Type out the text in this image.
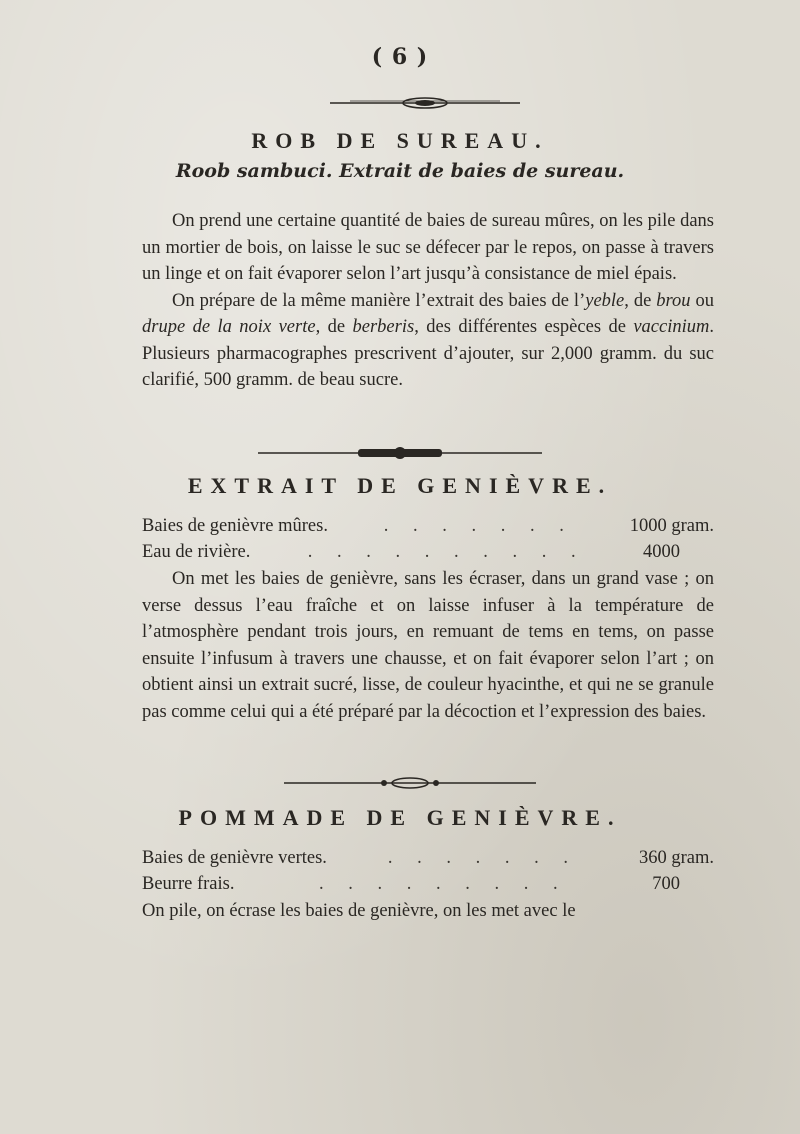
( 6 )
ROB DE SUREAU.
Roob sambuci. Extrait de baies de sureau.

On prend une certaine quantité de baies de sureau mûres, on les pile dans un mortier de bois, on laisse le suc se défecer par le repos, on passe à travers un linge et on fait évaporer selon l’art jusqu’à consistance de miel épais.

On prépare de la même manière l’extrait des baies de l’yeble, de brou ou drupe de la noix verte, de berberis, des différentes espèces de vaccinium. Plusieurs pharmacographes prescrivent d’ajouter, sur 2,000 gramm. du suc clarifié, 500 gramm. de beau sucre.

EXTRAIT DE GENIÈVRE.
Baies de genièvre mûres.	. . . . . . .	1000 gram.
Eau de rivière.	. . . . . . . . . .	4000

On met les baies de genièvre, sans les écraser, dans un grand vase ; on verse dessus l’eau fraîche et on laisse infuser à la température de l’atmosphère pendant trois jours, en remuant de tems en tems, on passe ensuite l’infusum à travers une chausse, et on fait évaporer selon l’art ; on obtient ainsi un extrait sucré, lisse, de couleur hyacinthe, et qui ne se granule pas comme celui qui a été préparé par la décoction et l’expression des baies.

POMMADE DE GENIÈVRE.
Baies de genièvre vertes.	. . . . . . .	360 gram.
Beurre frais.	. . . . . . . . .	700

On pile, on écrase les baies de genièvre, on les met avec le
